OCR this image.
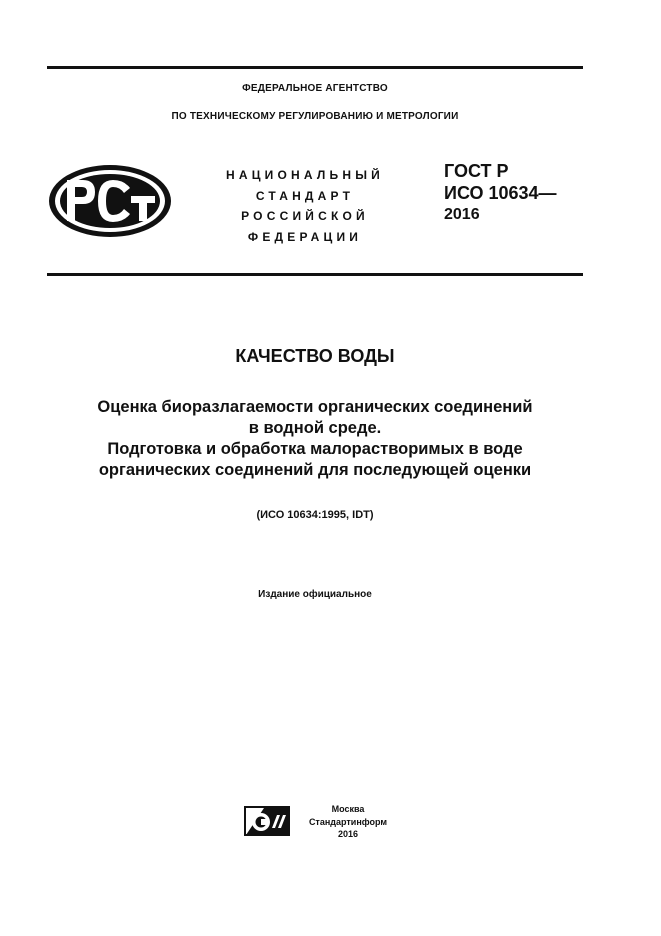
ФЕДЕРАЛЬНОЕ АГЕНТСТВО
ПО ТЕХНИЧЕСКОМУ РЕГУЛИРОВАНИЮ И МЕТРОЛОГИИ
НАЦИОНАЛЬНЫЙ
СТАНДАРТ
РОССИЙСКОЙ
ФЕДЕРАЦИИ
ГОСТ Р
ИСО 10634—
2016
КАЧЕСТВО ВОДЫ
Оценка биоразлагаемости органических соединений
в водной среде.
Подготовка и обработка малорастворимых в воде
органических соединений для последующей оценки
(ИСО 10634:1995, IDT)
Издание официальное
Москва
Стандартинформ
2016
